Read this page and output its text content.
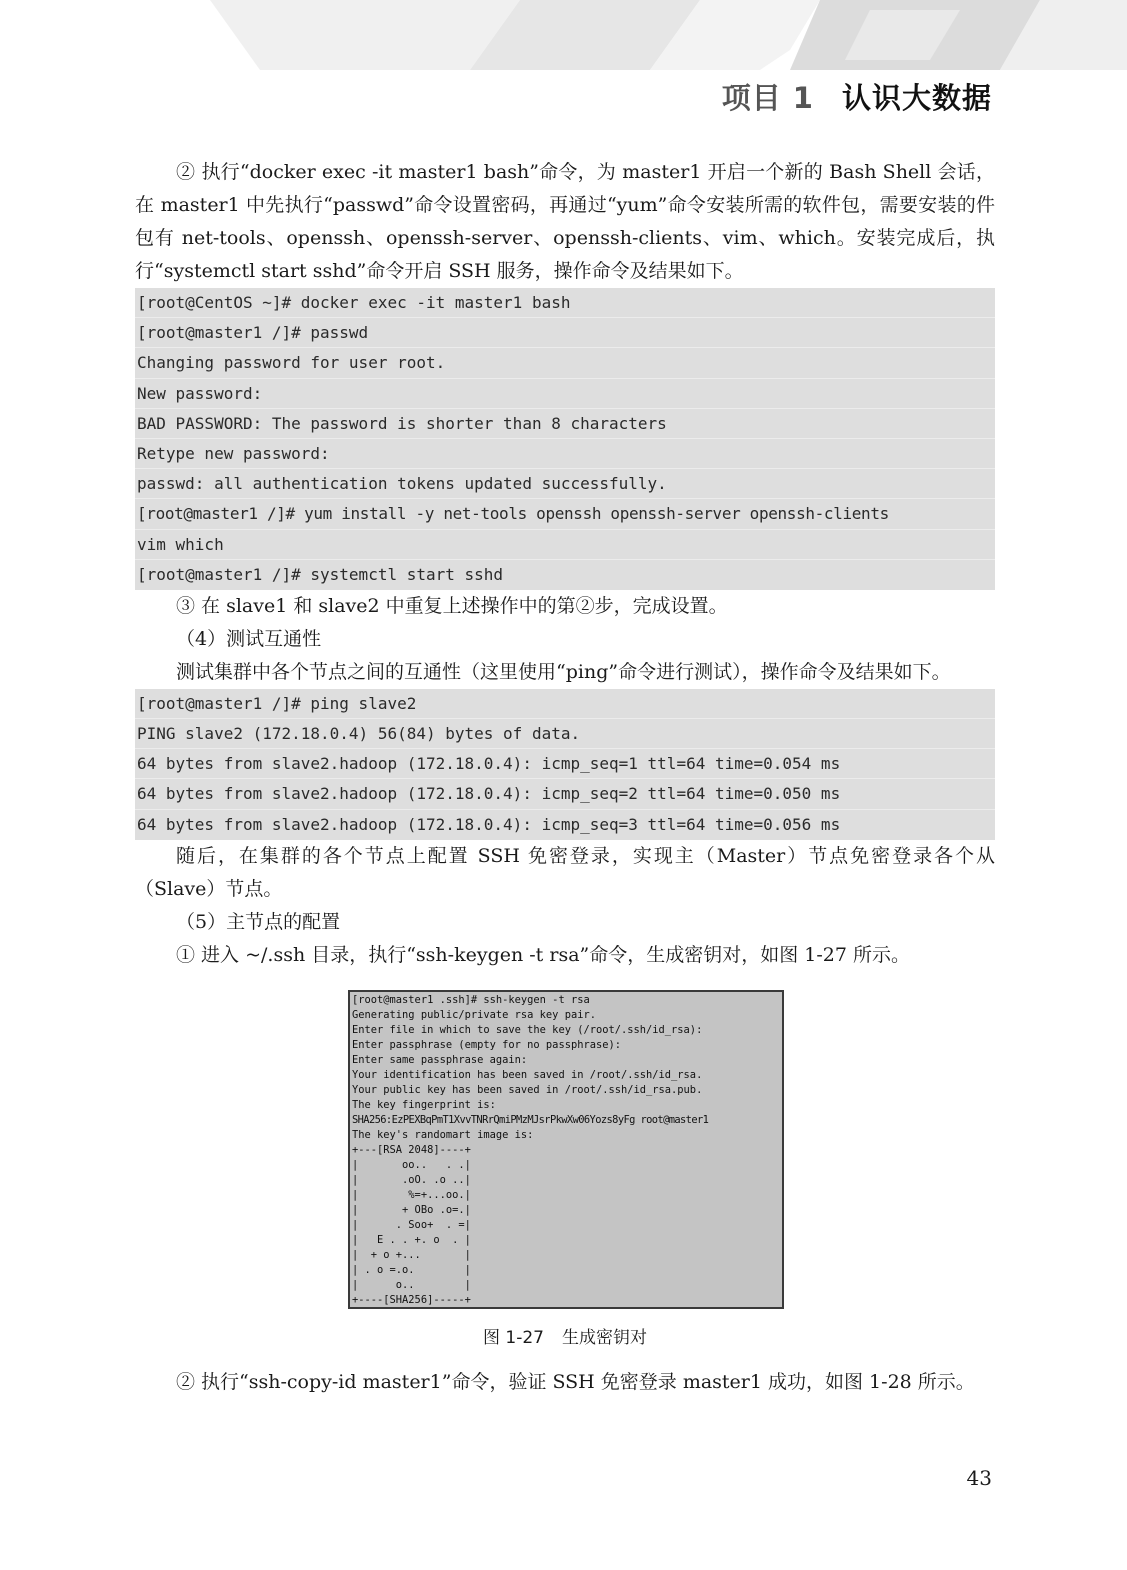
项目 1 认识大数据

② 执行“docker exec -it master1 bash”命令，为 master1 开启一个新的 Bash Shell 会话，在 master1 中先执行“passwd”命令设置密码，再通过“yum”命令安装所需的软件包，需要安装的件包有 net-tools、openssh、openssh-server、openssh-clients、vim、which。安装完成后，执行“systemctl start sshd”命令开启 SSH 服务，操作命令及结果如下。

[root@CentOS ~]# docker exec -it master1 bash
[root@master1 /]# passwd
Changing password for user root.
New password:
BAD PASSWORD: The password is shorter than 8 characters
Retype new password:
passwd: all authentication tokens updated successfully.
[root@master1 /]# yum install -y net-tools openssh openssh-server openssh-clients
vim which
[root@master1 /]# systemctl start sshd

③ 在 slave1 和 slave2 中重复上述操作中的第②步，完成设置。

（4）测试互通性

测试集群中各个节点之间的互通性（这里使用“ping”命令进行测试），操作命令及结果如下。

[root@master1 /]# ping slave2
PING slave2 (172.18.0.4) 56(84) bytes of data.
64 bytes from slave2.hadoop (172.18.0.4): icmp_seq=1 ttl=64 time=0.054 ms
64 bytes from slave2.hadoop (172.18.0.4): icmp_seq=2 ttl=64 time=0.050 ms
64 bytes from slave2.hadoop (172.18.0.4): icmp_seq=3 ttl=64 time=0.056 ms

随后，在集群的各个节点上配置 SSH 免密登录，实现主（Master）节点免密登录各个从（Slave）节点。

（5）主节点的配置

① 进入 ~/.ssh 目录，执行“ssh-keygen -t rsa”命令，生成密钥对，如图 1-27 所示。

[root@master1 .ssh]# ssh-keygen -t rsa
Generating public/private rsa key pair.
Enter file in which to save the key (/root/.ssh/id_rsa):
Enter passphrase (empty for no passphrase):
Enter same passphrase again:
Your identification has been saved in /root/.ssh/id_rsa.
Your public key has been saved in /root/.ssh/id_rsa.pub.
The key fingerprint is:
SHA256:EzPEXBqPmT1XvvTNRrQmiPMzMJsrPkwXw06Yozs8yFg root@master1
The key's randomart image is:
+---[RSA 2048]----+
|       oo..   . .|
|       .oO. .o ..|
|        %=+...oo.|
|       + OBo .o=.|
|      . Soo+  . =|
|   E . . +. o  . |
|  + o +...       |
| . o =.o.        |
|      o..        |
+----[SHA256]-----+
图 1-27 生成密钥对

② 执行“ssh-copy-id master1”命令，验证 SSH 免密登录 master1 成功，如图 1-28 所示。

43
